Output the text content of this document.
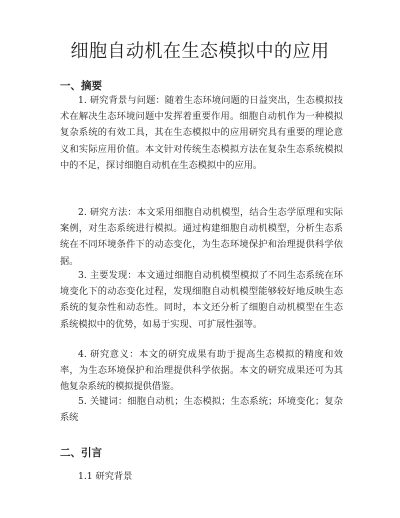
细胞自动机在生态模拟中的应用
一、摘要

1. 研究背景与问题：随着生态环境问题的日益突出，生态模拟技术在解决生态环境问题中发挥着重要作用。细胞自动机作为一种模拟复杂系统的有效工具，其在生态模拟中的应用研究具有重要的理论意义和实际应用价值。本文针对传统生态模拟方法在复杂生态系统模拟中的不足，探讨细胞自动机在生态模拟中的应用。

2. 研究方法：本文采用细胞自动机模型，结合生态学原理和实际案例，对生态系统进行模拟。通过构建细胞自动机模型，分析生态系统在不同环境条件下的动态变化，为生态环境保护和治理提供科学依据。

3. 主要发现：本文通过细胞自动机模型模拟了不同生态系统在环境变化下的动态变化过程，发现细胞自动机模型能够较好地反映生态系统的复杂性和动态性。同时，本文还分析了细胞自动机模型在生态系统模拟中的优势，如易于实现、可扩展性强等。

4. 研究意义：本文的研究成果有助于提高生态模拟的精度和效率，为生态环境保护和治理提供科学依据。本文的研究成果还可为其他复杂系统的模拟提供借鉴。

5. 关键词：细胞自动机；生态模拟；生态系统；环境变化；复杂系统

二、引言

1.1 研究背景
